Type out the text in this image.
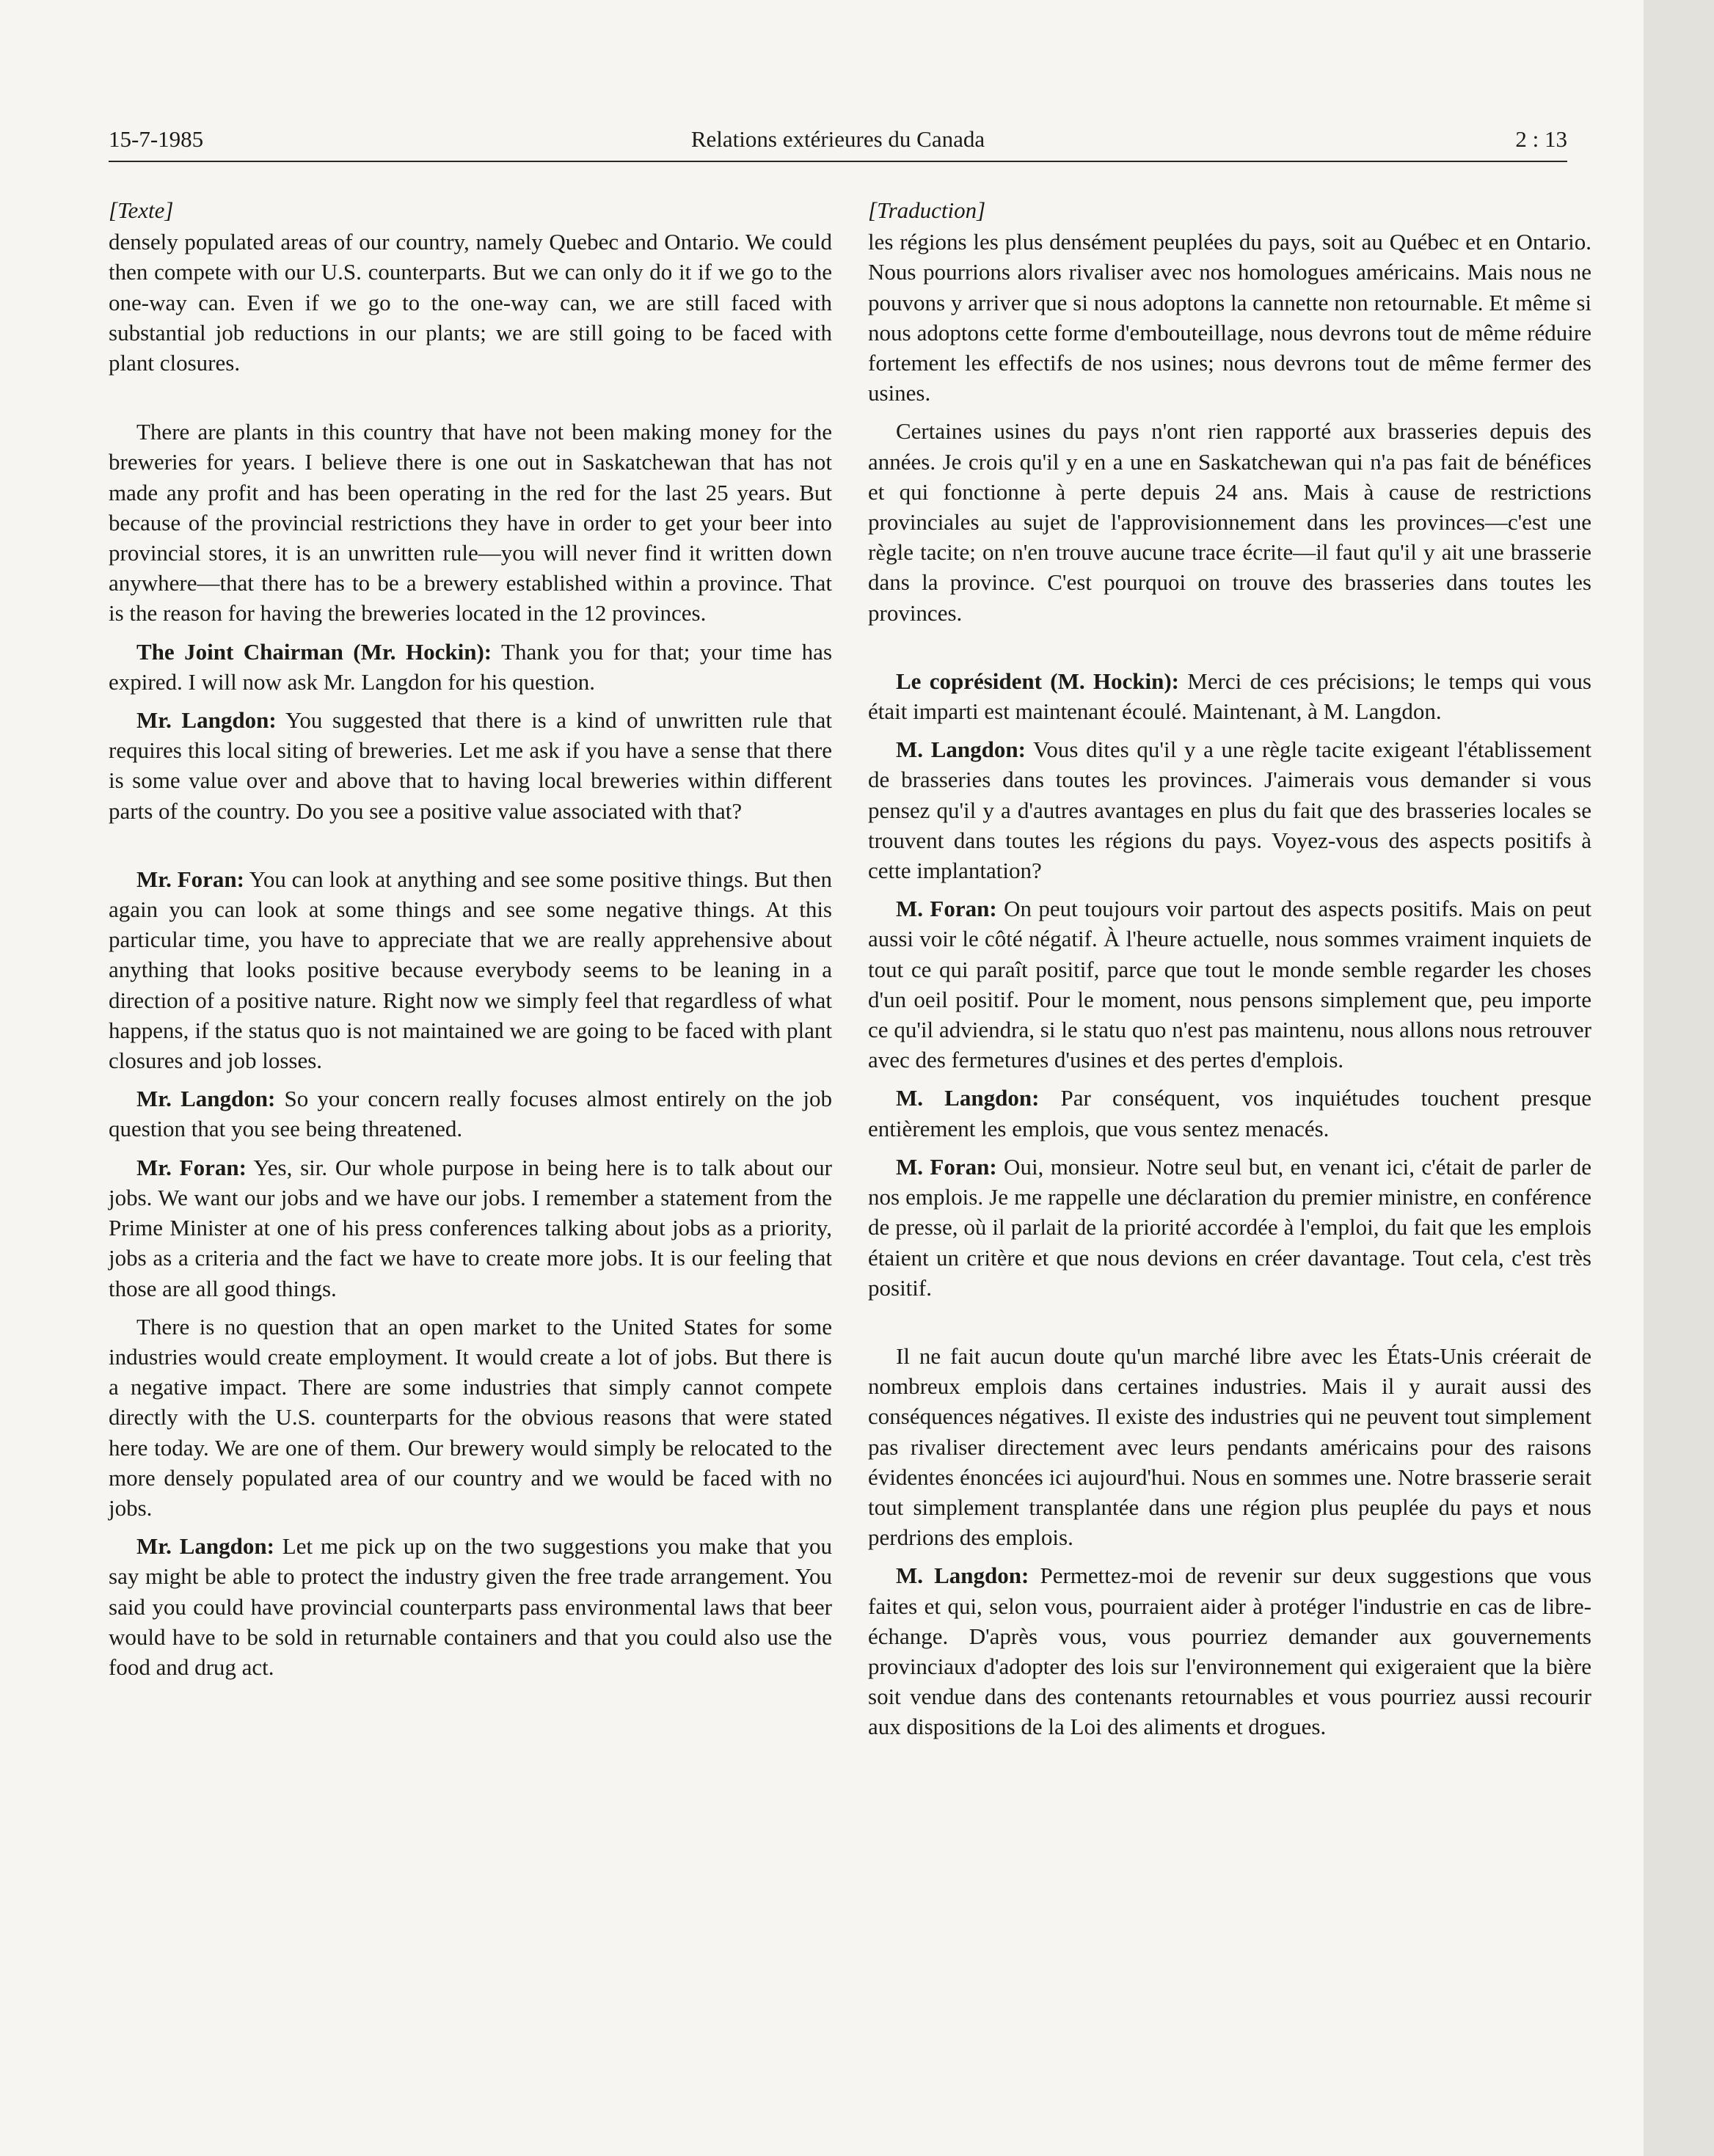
15-7-1985	Relations extérieures du Canada	2 : 13

[Texte]

densely populated areas of our country, namely Quebec and Ontario. We could then compete with our U.S. counterparts. But we can only do it if we go to the one-way can. Even if we go to the one-way can, we are still faced with substantial job reductions in our plants; we are still going to be faced with plant closures.

There are plants in this country that have not been making money for the breweries for years. I believe there is one out in Saskatchewan that has not made any profit and has been operating in the red for the last 25 years. But because of the provincial restrictions they have in order to get your beer into provincial stores, it is an unwritten rule—you will never find it written down anywhere—that there has to be a brewery established within a province. That is the reason for having the breweries located in the 12 provinces.

The Joint Chairman (Mr. Hockin): Thank you for that; your time has expired. I will now ask Mr. Langdon for his question.

Mr. Langdon: You suggested that there is a kind of unwritten rule that requires this local siting of breweries. Let me ask if you have a sense that there is some value over and above that to having local breweries within different parts of the country. Do you see a positive value associated with that?

Mr. Foran: You can look at anything and see some positive things. But then again you can look at some things and see some negative things. At this particular time, you have to appreciate that we are really apprehensive about anything that looks positive because everybody seems to be leaning in a direction of a positive nature. Right now we simply feel that regardless of what happens, if the status quo is not maintained we are going to be faced with plant closures and job losses.

Mr. Langdon: So your concern really focuses almost entirely on the job question that you see being threatened.

Mr. Foran: Yes, sir. Our whole purpose in being here is to talk about our jobs. We want our jobs and we have our jobs. I remember a statement from the Prime Minister at one of his press conferences talking about jobs as a priority, jobs as a criteria and the fact we have to create more jobs. It is our feeling that those are all good things.

There is no question that an open market to the United States for some industries would create employment. It would create a lot of jobs. But there is a negative impact. There are some industries that simply cannot compete directly with the U.S. counterparts for the obvious reasons that were stated here today. We are one of them. Our brewery would simply be relocated to the more densely populated area of our country and we would be faced with no jobs.

Mr. Langdon: Let me pick up on the two suggestions you make that you say might be able to protect the industry given the free trade arrangement. You said you could have provincial counterparts pass environmental laws that beer would have to be sold in returnable containers and that you could also use the food and drug act.

[Traduction]

les régions les plus densément peuplées du pays, soit au Québec et en Ontario. Nous pourrions alors rivaliser avec nos homologues américains. Mais nous ne pouvons y arriver que si nous adoptons la cannette non retournable. Et même si nous adoptons cette forme d'embouteillage, nous devrons tout de même réduire fortement les effectifs de nos usines; nous devrons tout de même fermer des usines.

Certaines usines du pays n'ont rien rapporté aux brasseries depuis des années. Je crois qu'il y en a une en Saskatchewan qui n'a pas fait de bénéfices et qui fonctionne à perte depuis 24 ans. Mais à cause de restrictions provinciales au sujet de l'approvisionnement dans les provinces—c'est une règle tacite; on n'en trouve aucune trace écrite—il faut qu'il y ait une brasserie dans la province. C'est pourquoi on trouve des brasseries dans toutes les provinces.

Le coprésident (M. Hockin): Merci de ces précisions; le temps qui vous était imparti est maintenant écoulé. Maintenant, à M. Langdon.

M. Langdon: Vous dites qu'il y a une règle tacite exigeant l'établissement de brasseries dans toutes les provinces. J'aimerais vous demander si vous pensez qu'il y a d'autres avantages en plus du fait que des brasseries locales se trouvent dans toutes les régions du pays. Voyez-vous des aspects positifs à cette implantation?

M. Foran: On peut toujours voir partout des aspects positifs. Mais on peut aussi voir le côté négatif. À l'heure actuelle, nous sommes vraiment inquiets de tout ce qui paraît positif, parce que tout le monde semble regarder les choses d'un oeil positif. Pour le moment, nous pensons simplement que, peu importe ce qu'il adviendra, si le statu quo n'est pas maintenu, nous allons nous retrouver avec des fermetures d'usines et des pertes d'emplois.

M. Langdon: Par conséquent, vos inquiétudes touchent presque entièrement les emplois, que vous sentez menacés.

M. Foran: Oui, monsieur. Notre seul but, en venant ici, c'était de parler de nos emplois. Je me rappelle une déclaration du premier ministre, en conférence de presse, où il parlait de la priorité accordée à l'emploi, du fait que les emplois étaient un critère et que nous devions en créer davantage. Tout cela, c'est très positif.

Il ne fait aucun doute qu'un marché libre avec les États-Unis créerait de nombreux emplois dans certaines industries. Mais il y aurait aussi des conséquences négatives. Il existe des industries qui ne peuvent tout simplement pas rivaliser directement avec leurs pendants américains pour des raisons évidentes énoncées ici aujourd'hui. Nous en sommes une. Notre brasserie serait tout simplement transplantée dans une région plus peuplée du pays et nous perdrions des emplois.

M. Langdon: Permettez-moi de revenir sur deux suggestions que vous faites et qui, selon vous, pourraient aider à protéger l'industrie en cas de libre-échange. D'après vous, vous pourriez demander aux gouvernements provinciaux d'adopter des lois sur l'environnement qui exigeraient que la bière soit vendue dans des contenants retournables et vous pourriez aussi recourir aux dispositions de la Loi des aliments et drogues.
